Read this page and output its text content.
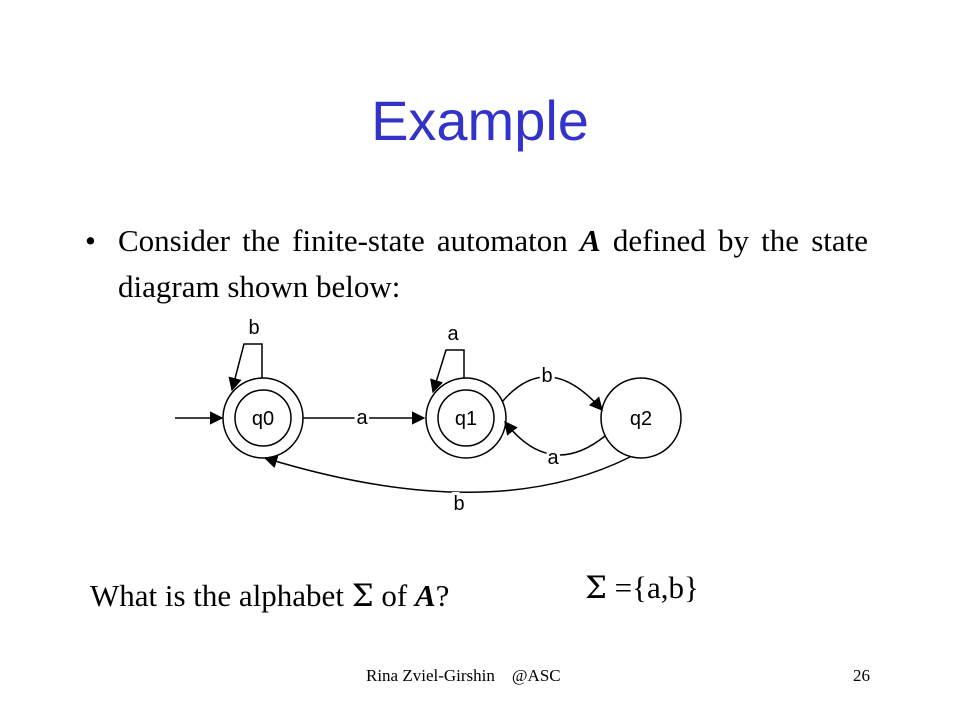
Example
• Consider the finite-state automaton A defined by the state diagram shown below:
q0	q1	q2
b
a
a
b
a
b
What is the alphabet Σ of A?	Σ ={a,b}
Rina Zviel-Girshin    @ASC	26
